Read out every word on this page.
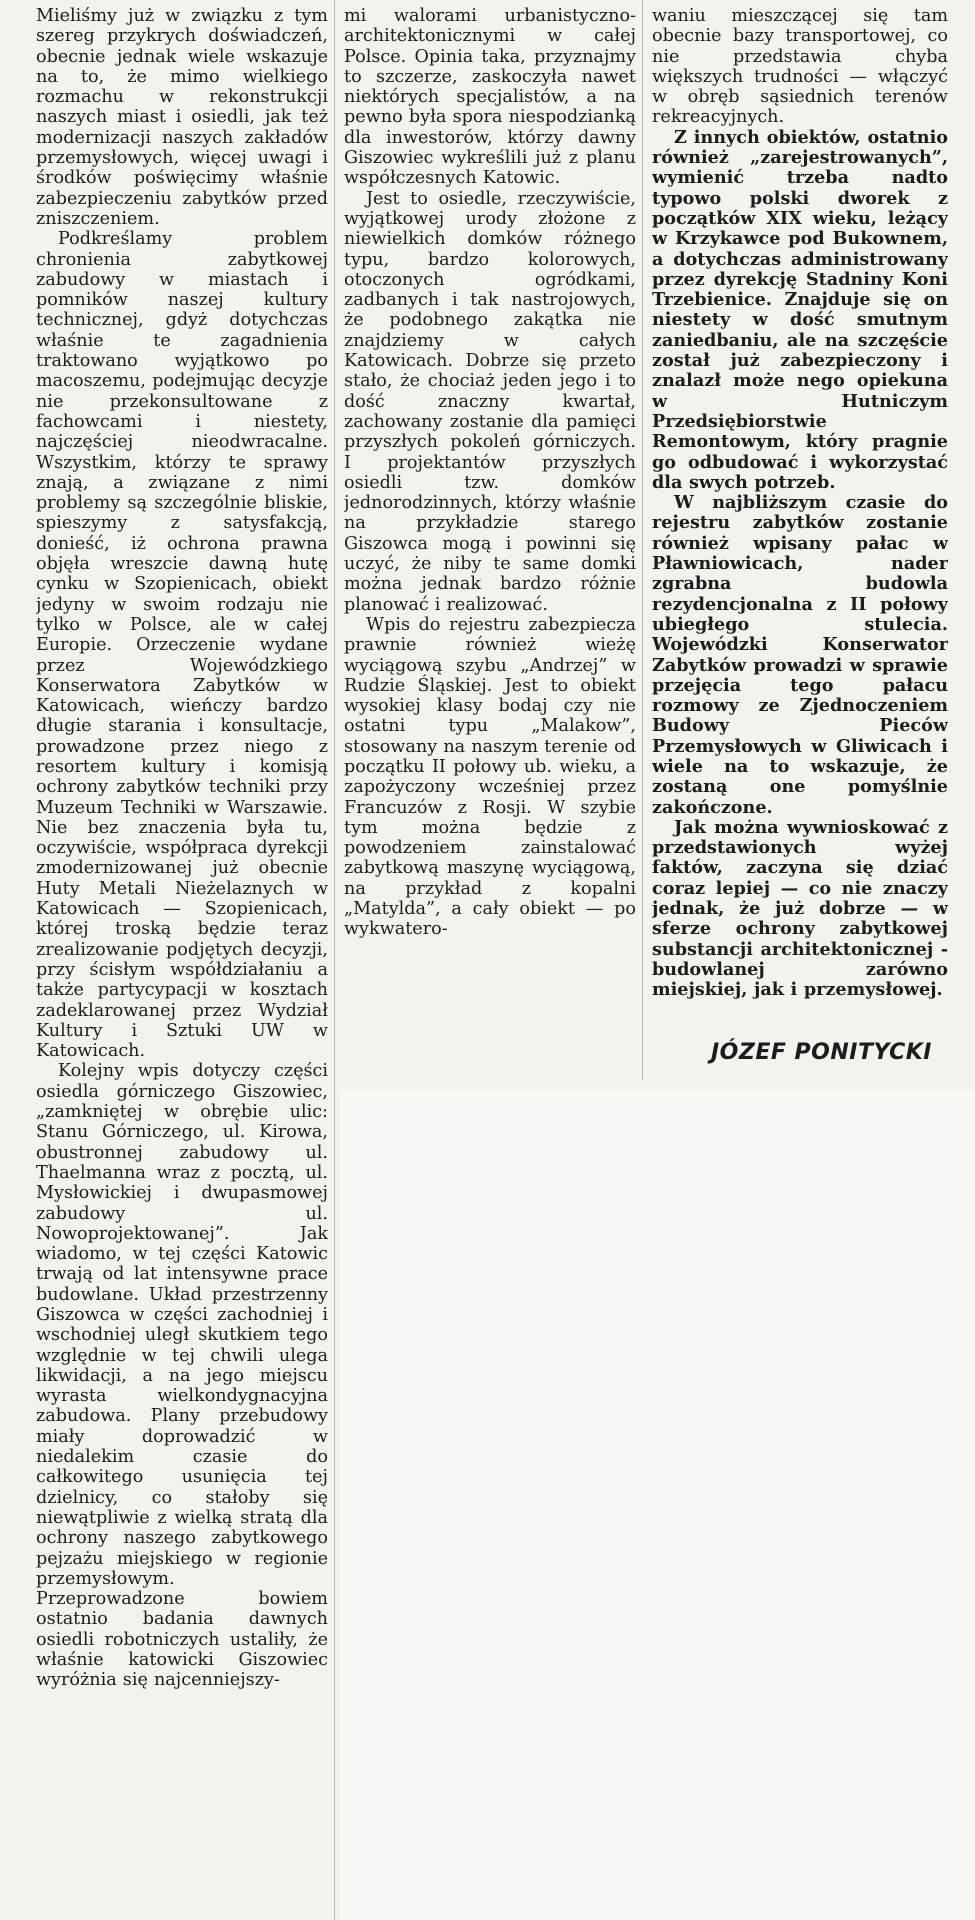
Mieliśmy już w związku z tym szereg przykrych doświadczeń, obecnie jednak wiele wskazuje na to, że mimo wielkiego rozmachu w rekonstrukcji naszych miast i osiedli, jak też modernizacji naszych zakładów przemysłowych, więcej uwagi i środków poświęcimy właśnie zabezpieczeniu zabytków przed zniszczeniem.

Podkreślamy problem chronienia zabytkowej zabudowy w miastach i pomników naszej kultury technicznej, gdyż dotychczas właśnie te zagadnienia traktowano wyjątkowo po macoszemu, podejmując decyzje nie przekonsultowane z fachowcami i niestety, najczęściej nieodwracalne. Wszystkim, którzy te sprawy znają, a związane z nimi problemy są szczególnie bliskie, spieszymy z satysfakcją, donieść, iż ochrona prawna objęła wreszcie dawną hutę cynku w Szopienicach, obiekt jedyny w swoim rodzaju nie tylko w Polsce, ale w całej Europie. Orzeczenie wydane przez Wojewódzkiego Konserwatora Zabytków w Katowicach, wieńczy bardzo długie starania i konsultacje, prowadzone przez niego z resortem kultury i komisją ochrony zabytków techniki przy Muzeum Techniki w Warszawie. Nie bez znaczenia była tu, oczywiście, współpraca dyrekcji zmodernizowanej już obecnie Huty Metali Nieżelaznych w Katowicach — Szopienicach, której troską będzie teraz zrealizowanie podjętych decyzji, przy ścisłym współdziałaniu a także partycypacji w kosztach zadeklarowanej przez Wydział Kultury i Sztuki UW w Katowicach.

Kolejny wpis dotyczy części osiedla górniczego Giszowiec, „zamkniętej w obrębie ulic: Stanu Górniczego, ul. Kirowa, obustronnej zabudowy ul. Thaelmanna wraz z pocztą, ul. Mysłowickiej i dwupasmowej zabudowy ul. Nowoprojektowanej”. Jak wiadomo, w tej części Katowic trwają od lat intensywne prace budowlane. Układ przestrzenny Giszowca w części zachodniej i wschodniej uległ skutkiem tego względnie w tej chwili ulega likwidacji, a na jego miejscu wyrasta wielkondygnacyjna zabudowa. Plany przebudowy miały doprowadzić w niedalekim czasie do całkowitego usunięcia tej dzielnicy, co stałoby się niewątpliwie z wielką stratą dla ochrony naszego zabytkowego pejzażu miejskiego w regionie przemysłowym. Przeprowadzone bowiem ostatnio badania dawnych osiedli robotniczych ustaliły, że właśnie katowicki Giszowiec wyróżnia się najcenniejszy-

mi walorami urbanistyczno-architektonicznymi w całej Polsce. Opinia taka, przyznajmy to szczerze, zaskoczyła nawet niektórych specjalistów, a na pewno była spora niespodzianką dla inwestorów, którzy dawny Giszowiec wykreślili już z planu współczesnych Katowic.

Jest to osiedle, rzeczywiście, wyjątkowej urody złożone z niewielkich domków różnego typu, bardzo kolorowych, otoczonych ogródkami, zadbanych i tak nastrojowych, że podobnego zakątka nie znajdziemy w całych Katowicach. Dobrze się przeto stało, że chociaż jeden jego i to dość znaczny kwartał, zachowany zostanie dla pamięci przyszłych pokoleń górniczych. I projektantów przyszłych osiedli tzw. domków jednorodzinnych, którzy właśnie na przykładzie starego Giszowca mogą i powinni się uczyć, że niby te same domki można jednak bardzo różnie planować i realizować.

Wpis do rejestru zabezpiecza prawnie również wieżę wyciągową szybu „Andrzej” w Rudzie Śląskiej. Jest to obiekt wysokiej klasy bodaj czy nie ostatni typu „Malakow”, stosowany na naszym terenie od początku II połowy ub. wieku, a zapożyczony wcześniej przez Francuzów z Rosji. W szybie tym można będzie z powodzeniem zainstalować zabytkową maszynę wyciągową, na przykład z kopalni „Matylda”, a cały obiekt — po wykwatero-

waniu mieszczącej się tam obecnie bazy transportowej, co nie przedstawia chyba większych trudności — włączyć w obręb sąsiednich terenów rekreacyjnych.

Z innych obiektów, ostatnio również „zarejestrowanych”, wymienić trzeba nadto typowo polski dworek z początków XIX wieku, leżący w Krzykawce pod Bukownem, a dotychczas administrowany przez dyrekcję Stadniny Koni Trzebienice. Znajduje się on niestety w dość smutnym zaniedbaniu, ale na szczęście został już zabezpieczony i znalazł może nego opiekuna w Hutniczym Przedsiębiorstwie Remontowym, który pragnie go odbudować i wykorzystać dla swych potrzeb.

W najbliższym czasie do rejestru zabytków zostanie również wpisany pałac w Pławniowicach, nader zgrabna budowla rezydencjonalna z II połowy ubiegłego stulecia. Wojewódzki Konserwator Zabytków prowadzi w sprawie przejęcia tego pałacu rozmowy ze Zjednoczeniem Budowy Pieców Przemysłowych w Gliwicach i wiele na to wskazuje, że zostaną one pomyślnie zakończone.

Jak można wywnioskować z przedstawionych wyżej faktów, zaczyna się dziać coraz lepiej — co nie znaczy jednak, że już dobrze — w sferze ochrony zabytkowej substancji architektonicznej - budowlanej zarówno miejskiej, jak i przemysłowej.

JÓZEF PONITYCKI
